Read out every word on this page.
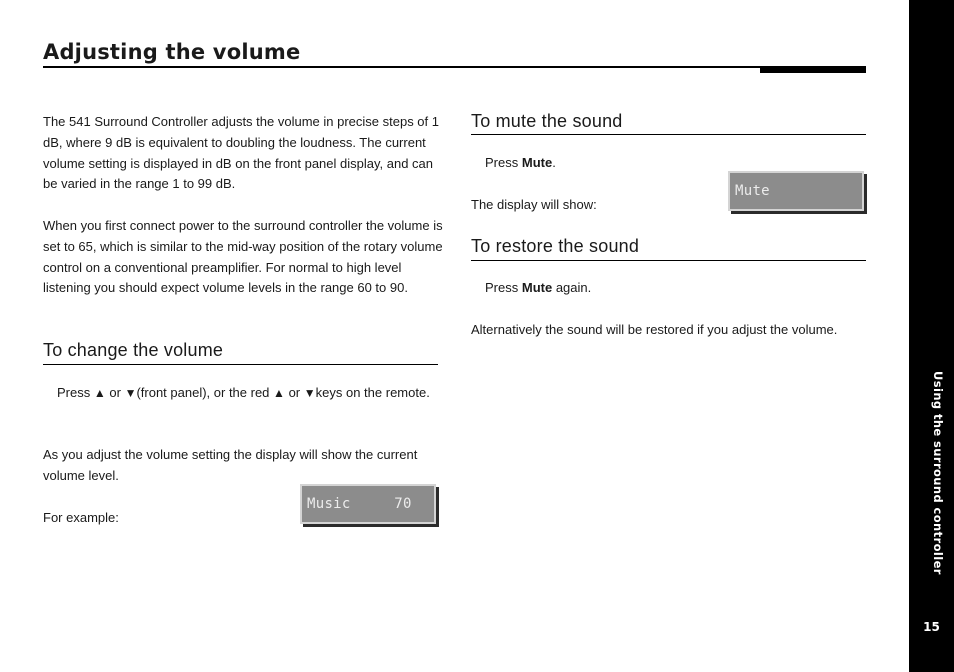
Adjusting the volume

The 541 Surround Controller adjusts the volume in precise steps of 1 dB, where 9 dB is equivalent to doubling the loudness. The current volume setting is displayed in dB on the front panel display, and can be varied in the range 1 to 99 dB.

When you first connect power to the surround controller the volume is set to 65, which is similar to the mid-way position of the rotary volume control on a conventional preamplifier. For normal to high level listening you should expect volume levels in the range 60 to 90.

To change the volume

Press ▲ or ▼(front panel), or the red ▲ or ▼keys on the remote.

As you adjust the volume setting the display will show the current volume level.

For example:

Music     70
To mute the sound

Press Mute.

The display will show:

Mute
To restore the sound

Press Mute again.

Alternatively the sound will be restored if you adjust the volume.

Using the surround controller
15
